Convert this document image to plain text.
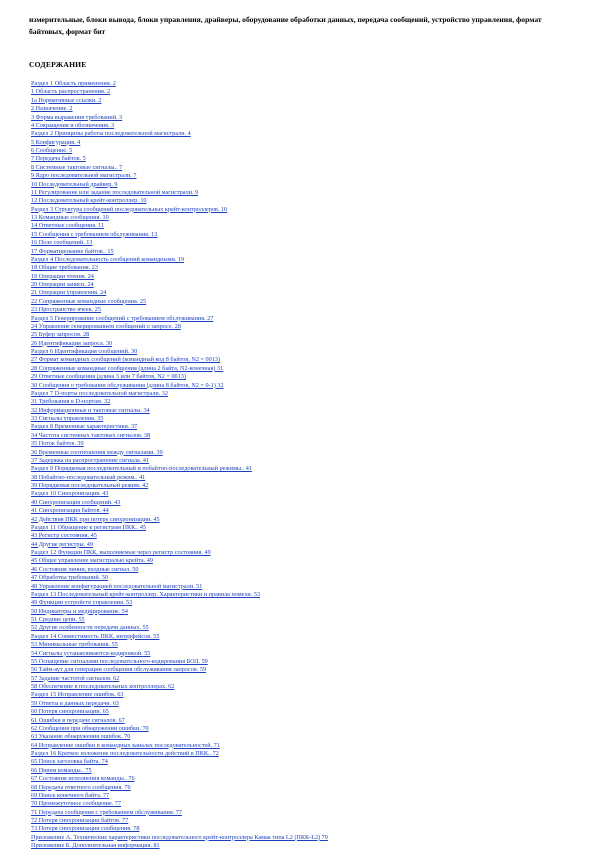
измерительные, блоки вывода, блоки управления, драйверы, оборудование обработки данных, передача сообщений, устройство управления, формат байтовых, формат бит
СОДЕРЖАНИЕ
Раздел 1 Область применения. 2
1 Область распространения. 2
1а Нормативные ссылки. 2
2 Назначение. 2
3 Форма выражения требований. 3
4 Сокращения и обозначения. 3
Раздел 2 Принципы работы последовательной магистрали. 4
5 Конфигурация. 4
6 Сообщение. 5
7 Передача байтов. 5
8 Системные тактовые сигналы.. 7
9 Ядро последовательной магистрали. 7
10 Последовательный драйвер. 9
11 Регулирование или задание последовательной магистрали. 9
12 Последовательный крейт-контроллер. 10
Раздел 3 Структура сообщений последовательных крейт-контроллеров. 10
13 Командные сообщения. 10
14 Ответные сообщения. 11
15 Сообщения с требованием обслуживания. 13
16 Поле сообщений. 13
17 Форматирование байтов.. 15
Раздел 4 Последовательность сообщений командными. 19
18 Общие требования. 23
19 Операции чтения. 24
20 Операции записи. 24
21 Операции управления. 24
22 Сопряженные командные сообщения. 25
23 Пространство ячеек. 25
Раздел 5 Генерирование сообщений с требованием обслуживания. 27
24 Управление генерированием сообщений о запросе. 28
25 Буфер запросов. 28
26 Идентификация запроса. 30
Раздел 6 Идентификация сообщений. 30
27 Формат командных сообщений (командный код 8 байтов, N2 = 0013)
28 Сопряженные командные сообщения (длина 2 байта, N2-конечная) 31
29 Ответные сообщения (длина 3 или 7 байтов, N2 = 0013)
30 Сообщения о требовании обслуживания (длина 8 байтов, N2 = 0-1) 32
Раздел 7 D-порты последовательной магистрали. 32
31 Требования к D-портам. 32
32 Информационные и тактовые сигналы. 34
33 Сигналы управления. 35
Раздел 8 Временные характеристики. 37
34 Частота системных тактовых сигналов. 38
35 Поток байтов. 39
36 Временные соотношения между сигналами. 39
37 Задержка на распространение сигнала. 41
Раздел 9 Порядковая последовательный и побайтно-последовательный режимы.. 41
38 Побайтно-последовательный режим.. 41
39 Порядковая последовательный режим. 42
Раздел 10 Синхронизация. 43
40 Синхронизация сообщений. 43
41 Синхронизация байтов. 44
42 Действия ПКК при потере синхронизации. 45
Раздел 11 Обращение к регистрам ПКК.. 45
43 Регистр состояния. 45
44 Другие регистры. 49
Раздел 12 Функции ПКК, выполняемые через регистр состояния. 49
45 Общее управление магистралью крейта. 49
46 Состояния линии, входные сигнал. 50
47 Обработка требований. 50
48 Управление конфигурацией последовательной магистрали. 51
Раздел 13 Последовательный крейт-контроллер. Характеристики и правила помехи. 53
49 Функции устройств управления. 53
50 Индикаторы и медицирование. 54
51 Средние цепи. 55
52 Другие особенности передачи данных. 55
Раздел 14 Совместимость ПКК, интерфейсов. 55
53 Минимальные требования. 55
54 Сигналы устанавливаются-кодировкой. 55
55 Оснащение сигналами последовательного-кодирования БОЛ. 59
56 Тайм-аут для генерации сообщения обслуживания запросов. 59
57 Задание частотой сигналов. 62
58 Обеспечение в последовательных контроллерах. 62
Раздел 15 Исправление ошибок. 63
59 Ответы в данных передачи. 63
60 Потеря синхронизации. 65
61 Ошибки в передаче сигналов. 67
62 Сообщения при обнаружении ошибки. 70
63 Указание обнаружения ошибок. 70
64 Исправление ошибки в командных каналах последовательностей. 71
Раздел 16 Краткое изложение последовательности действий в ПКК.. 72
65 Поиск заголовка байта. 74
66 Прием команды.. 75
67 Состояния исполнения команды.. 76
68 Передача ответного сообщения. 76
69 Поиск конечного байта. 77
70 Промежуточное сообщение. 77
71 Передача сообщения с требованием обслуживания. 77
72 Потеря синхронизации байтов. 77
73 Потеря синхронизации сообщения. 78
Приложение А. Технические характеристики последовательного крейт-контроллера Камак типа L2 (ПКК-L2) 79
Приложение Б. Дополнительная информация. 81
